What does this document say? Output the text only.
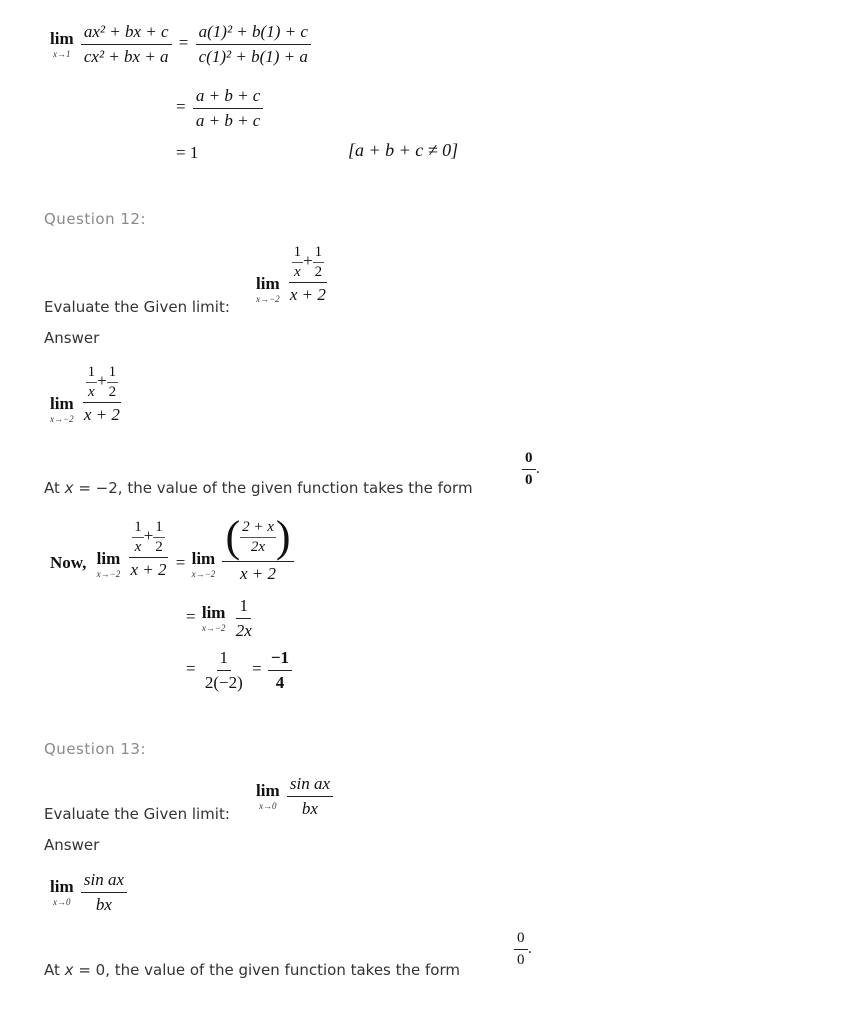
lim
x→1
$\frac{\text{ax² + bx + c}}{\text{cx² + bx + a}} = \frac{\text{a(1)² + b(1) + c}}{\text{c(1)² + b(1) + a}}$
= $\frac{a + b + c}{a + b + c}$
= 1	[a + b + c ≠ 0]
Question 12:
Evaluate the Given limit:
lim
x→−2
$\frac{\frac{1}{x} + \frac{1}{2}}{x + 2}$
Answer
lim
x→−2
$\frac{\frac{1}{x} + \frac{1}{2}}{x + 2}$
At x = −2, the value of the given function takes the form	$\frac{0}{0}$ .
Now, lim
x→−2
$\frac{\frac{1}{x} + \frac{1}{2}}{x + 2} = \lim$
x→−2
$\frac{( \frac{2 + x}{2x} )}{x + 2}$
= lim
x→−2
$\frac{1}{2x}$
= $\frac{1}{2(-2)} = \frac{-1}{4}$
Question 13:
Evaluate the Given limit:
lim
x→0
$\frac{\text{sin ax}}{bx}$
Answer
lim
x→0
$\frac{\text{sin ax}}{bx}$
At x = 0, the value of the given function takes the form
$\frac{0}{0}$ .
